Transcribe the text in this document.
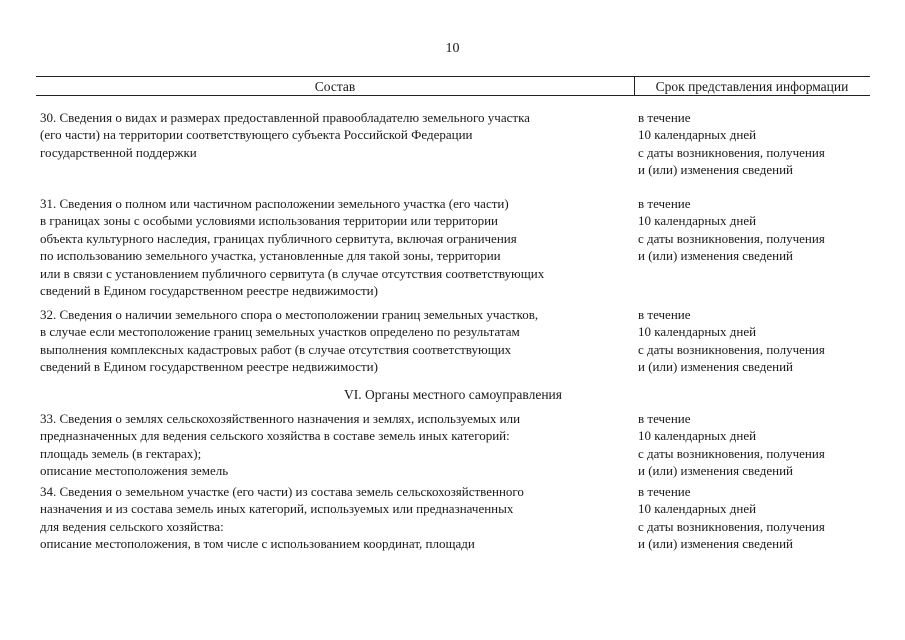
10
Состав	Срок представления информации
30. Сведения о видах и размерах предоставленной правообладателю земельного участка
(его части) на территории соответствующего субъекта Российской Федерации
государственной поддержки
в течение
10 календарных дней
с даты возникновения, получения
и (или) изменения сведений
31. Сведения о полном или частичном расположении земельного участка (его части)
в границах зоны с особыми условиями использования территории или территории
объекта культурного наследия, границах публичного сервитута, включая ограничения
по использованию земельного участка, установленные для такой зоны, территории
или в связи с установлением публичного сервитута (в случае отсутствия соответствующих
сведений в Едином государственном реестре недвижимости)
в течение
10 календарных дней
с даты возникновения, получения
и (или) изменения сведений
32. Сведения о наличии земельного спора о местоположении границ земельных участков,
в случае если местоположение границ земельных участков определено по результатам
выполнения комплексных кадастровых работ (в случае отсутствия соответствующих
сведений в Едином государственном реестре недвижимости)
в течение
10 календарных дней
с даты возникновения, получения
и (или) изменения сведений
VI. Органы местного самоуправления
33. Сведения о землях сельскохозяйственного назначения и землях, используемых или
предназначенных для ведения сельского хозяйства в составе земель иных категорий:
площадь земель (в гектарах);
описание местоположения земель
в течение
10 календарных дней
с даты возникновения, получения
и (или) изменения сведений
34. Сведения о земельном участке (его части) из состава земель сельскохозяйственного
назначения и из состава земель иных категорий, используемых или предназначенных
для ведения сельского хозяйства:
описание местоположения, в том числе с использованием координат, площади
в течение
10 календарных дней
с даты возникновения, получения
и (или) изменения сведений
